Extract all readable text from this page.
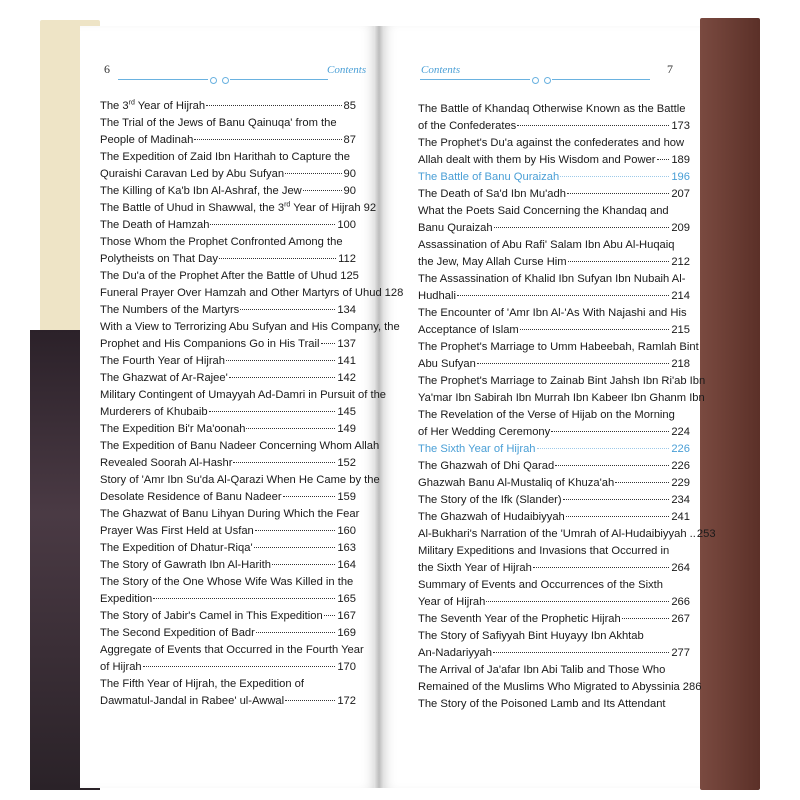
6	Contents	Contents	7
The 3rd Year of Hijrah	85
The Trial of the Jews of Banu Qainuqa' from the
People of Madinah	87
The Expedition of Zaid Ibn Harithah to Capture the
Quraishi Caravan Led by Abu Sufyan	90
The Killing of Ka'b Ibn Al-Ashraf, the Jew	90
The Battle of Uhud in Shawwal, the 3rd Year of Hijrah 92
The Death of Hamzah	100
Those Whom the Prophet Confronted Among the
Polytheists on That Day	112
The Du'a of the Prophet After the Battle of Uhud 125
Funeral Prayer Over Hamzah and Other Martyrs of Uhud 128
The Numbers of the Martyrs	134
With a View to Terrorizing Abu Sufyan and His Company, the
Prophet and His Companions Go in His Trail 137
The Fourth Year of Hijrah	141
The Ghazwat of Ar-Rajee'	142
Military Contingent of Umayyah Ad-Damri in Pursuit of the
Murderers of Khubaib	145
The Expedition Bi'r Ma'oonah	149
The Expedition of Banu Nadeer Concerning Whom Allah
Revealed Soorah Al-Hashr	152
Story of 'Amr Ibn Su'da Al-Qarazi When He Came by the
Desolate Residence of Banu Nadeer	159
The Ghazwat of Banu Lihyan During Which the Fear
Prayer Was First Held at Usfan	160
The Expedition of Dhatur-Riqa'	163
The Story of Gawrath Ibn Al-Harith	164
The Story of the One Whose Wife Was Killed in the
Expedition	165
The Story of Jabir's Camel in This Expedition 167
The Second Expedition of Badr	169
Aggregate of Events that Occurred in the Fourth Year
of Hijrah	170
The Fifth Year of Hijrah, the Expedition of
Dawmatul-Jandal in Rabee' ul-Awwal	172
The Battle of Khandaq Otherwise Known as the Battle
of the Confederates	173
The Prophet's Du'a against the confederates and how
Allah dealt with them by His Wisdom and Power 189
The Battle of Banu Quraizah	196
The Death of Sa'd Ibn Mu'adh	207
What the Poets Said Concerning the Khandaq and
Banu Quraizah	209
Assassination of Abu Rafi' Salam Ibn Abu Al-Huqaiq
the Jew, May Allah Curse Him	212
The Assassination of Khalid Ibn Sufyan Ibn Nubaih Al-
Hudhali	214
The Encounter of 'Amr Ibn Al-'As With Najashi and His
Acceptance of Islam	215
The Prophet's Marriage to Umm Habeebah, Ramlah Bint
Abu Sufyan	218
The Prophet's Marriage to Zainab Bint Jahsh Ibn Ri'ab Ibn
Ya'mar Ibn Sabirah Ibn Murrah Ibn Kabeer Ibn Ghanm Ibn
The Revelation of the Verse of Hijab on the Morning
of Her Wedding Ceremony	224
The Sixth Year of Hijrah	226
The Ghazwah of Dhi Qarad	226
Ghazwah Banu Al-Mustaliq of Khuza'ah	229
The Story of the Ifk (Slander)	234
The Ghazwah of Hudaibiyyah	241
Al-Bukhari's Narration of the 'Umrah of Al-Hudaibiyyah .. 253
Military Expeditions and Invasions that Occurred in
the Sixth Year of Hijrah	264
Summary of Events and Occurrences of the Sixth
Year of Hijrah	266
The Seventh Year of the Prophetic Hijrah	267
The Story of Safiyyah Bint Huyayy Ibn Akhtab
An-Nadariyyah	277
The Arrival of Ja'afar Ibn Abi Talib and Those Who
Remained of the Muslims Who Migrated to Abyssinia 286
The Story of the Poisoned Lamb and Its Attendant
